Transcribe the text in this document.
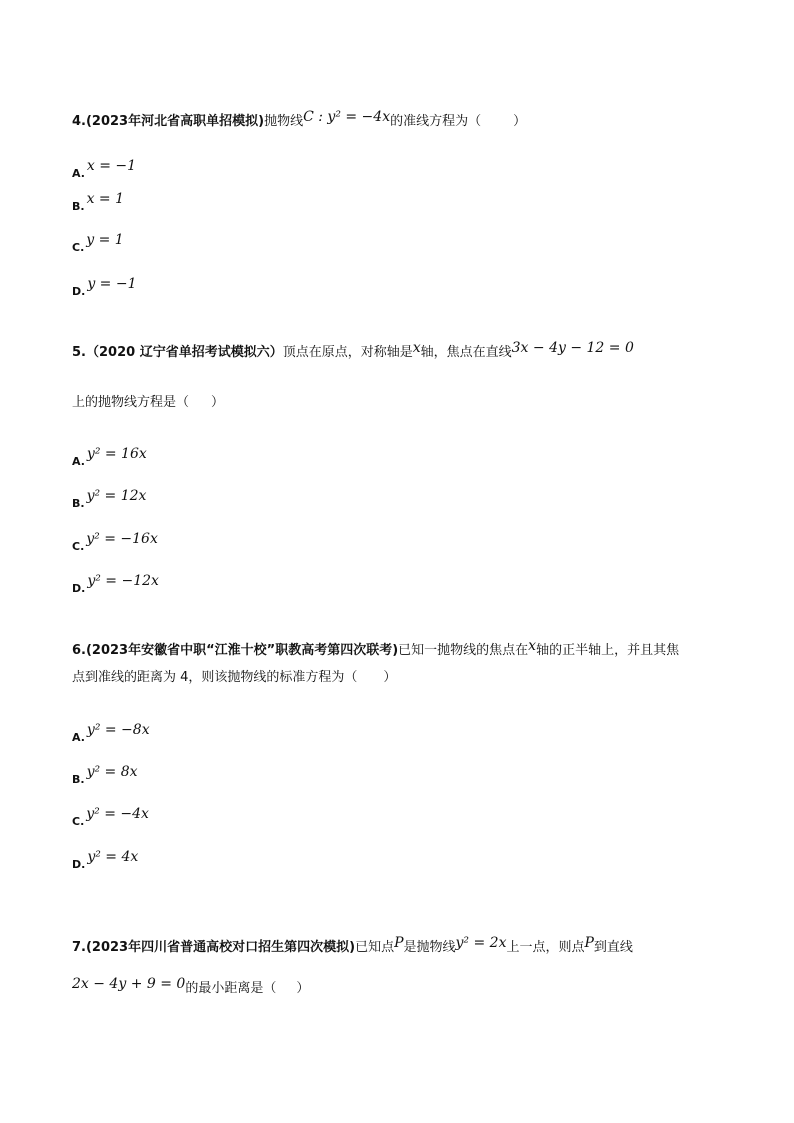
4.(2023年河北省高职单招模拟)抛物线C : y² = −4x的准线方程为（ ）
$_{A.}$ x = −1
$_{B.}$ x = 1
$_{C.}$ y = 1
$_{D.}$ y = −1
5.（2020 辽宁省单招考试模拟六）顶点在原点，对称轴是x轴，焦点在直线3x − 4y − 12 = 0
上的抛物线方程是（ ）
$_{A.}$ y² = 16x
$_{B.}$ y² = 12x
$_{C.}$ y² = −16x
$_{D.}$ y² = −12x
6.(2023年安徽省中职“江淮十校”职教高考第四次联考)已知一抛物线的焦点在x轴的正半轴上，并且其焦
点到准线的距离为 4，则该抛物线的标准方程为（ ）
$_{A.}$ y² = −8x
$_{B.}$ y² = 8x
$_{C.}$ y² = −4x
$_{D.}$ y² = 4x
7.(2023年四川省普通高校对口招生第四次模拟)已知点P是抛物线y² = 2x上一点，则点P到直线
2x − 4y + 9 = 0的最小距离是（ ）
